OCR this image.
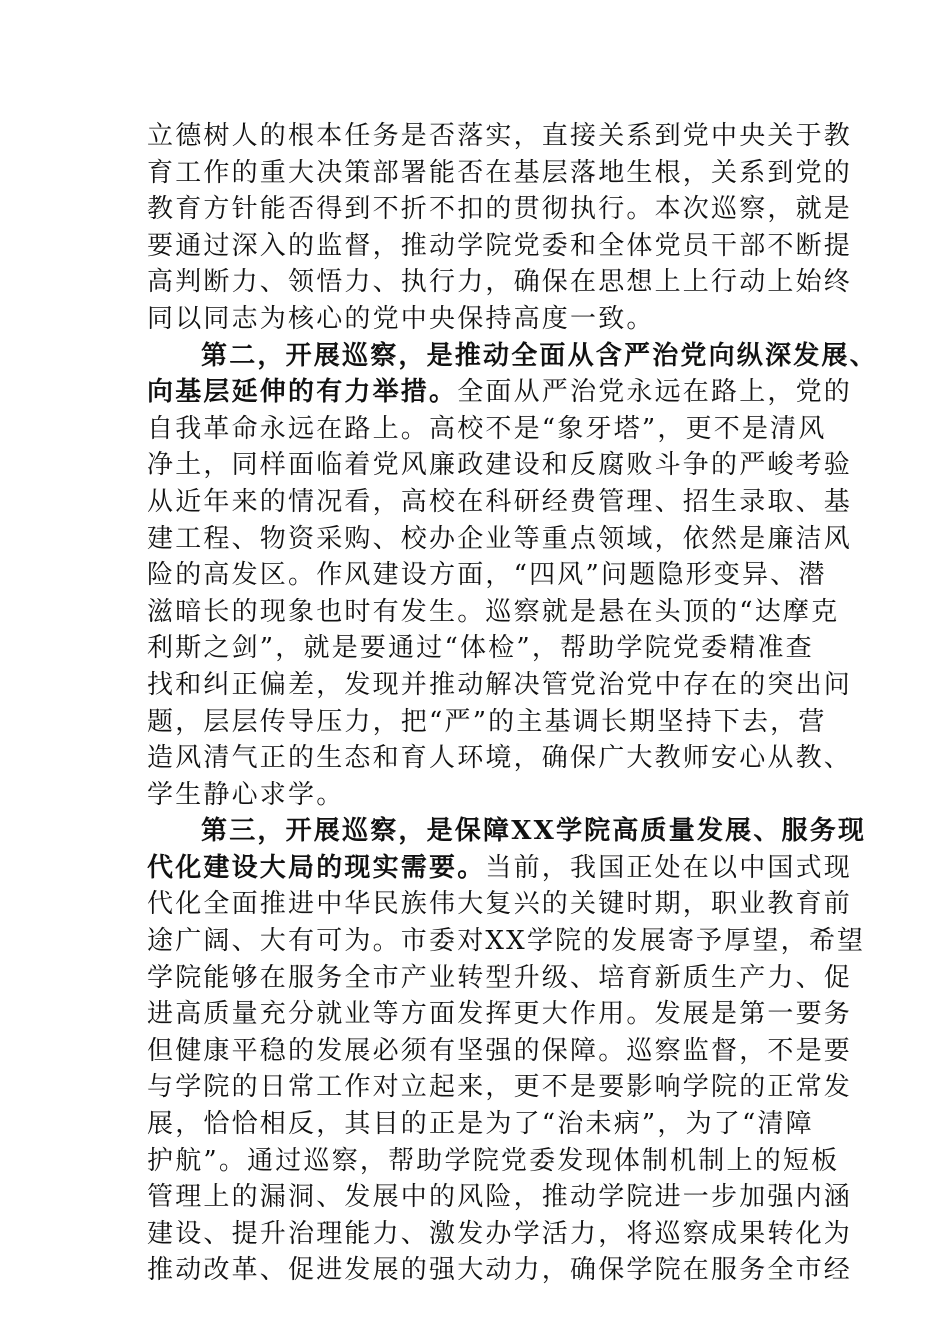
立德树人的根本任务是否落实，直接关系到党中央关于教
育工作的重大决策部署能否在基层落地生根，关系到党的
教育方针能否得到不折不扣的贯彻执行。本次巡察，就是
要通过深入的监督，推动学院党委和全体党员干部不断提
高判断力、领悟力、执行力，确保在思想上上行动上始终
同以同志为核心的党中央保持高度一致。
第二，开展巡察，是推动全面从含严治党向纵深发展、
向基层延伸的有力举措。全面从严治党永远在路上，党的
自我革命永远在路上。高校不是“象牙塔”，更不是清风
净土，同样面临着党风廉政建设和反腐败斗争的严峻考验
从近年来的情况看，高校在科研经费管理、招生录取、基
建工程、物资采购、校办企业等重点领域，依然是廉洁风
险的高发区。作风建设方面，“四风”问题隐形变异、潜
滋暗长的现象也时有发生。巡察就是悬在头顶的“达摩克
利斯之剑”，就是要通过“体检”，帮助学院党委精准查
找和纠正偏差，发现并推动解决管党治党中存在的突出问
题，层层传导压力，把“严”的主基调长期坚持下去，营
造风清气正的生态和育人环境，确保广大教师安心从教、
学生静心求学。
第三，开展巡察，是保障XX学院高质量发展、服务现
代化建设大局的现实需要。当前，我国正处在以中国式现
代化全面推进中华民族伟大复兴的关键时期，职业教育前
途广阔、大有可为。市委对XX学院的发展寄予厚望，希望
学院能够在服务全市产业转型升级、培育新质生产力、促
进高质量充分就业等方面发挥更大作用。发展是第一要务
但健康平稳的发展必须有坚强的保障。巡察监督，不是要
与学院的日常工作对立起来，更不是要影响学院的正常发
展，恰恰相反，其目的正是为了“治未病”，为了“清障
护航”。通过巡察，帮助学院党委发现体制机制上的短板
管理上的漏洞、发展中的风险，推动学院进一步加强内涵
建设、提升治理能力、激发办学活力，将巡察成果转化为
推动改革、促进发展的强大动力，确保学院在服务全市经
